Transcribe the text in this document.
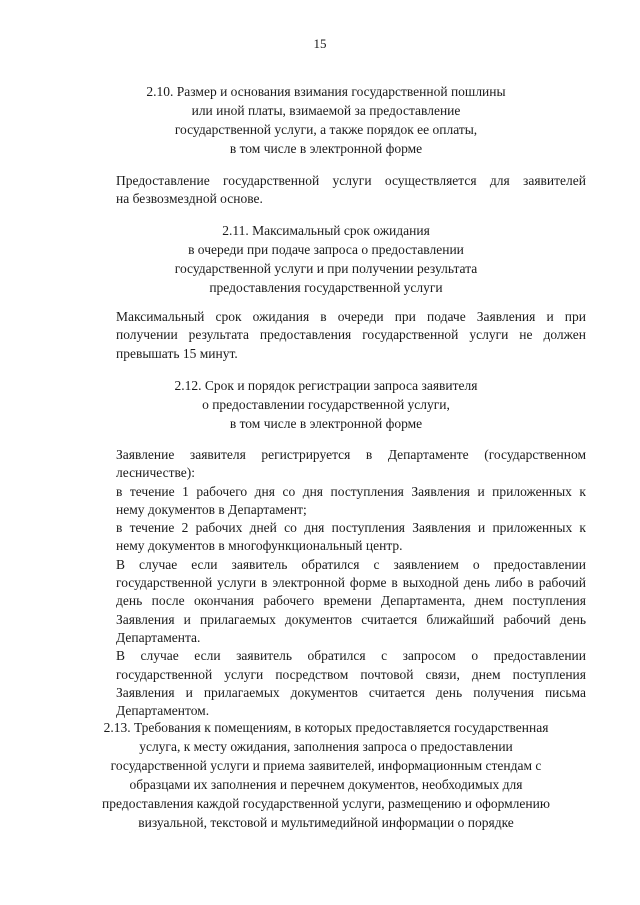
15
2.10. Размер и основания взимания государственной пошлины
или иной платы, взимаемой за предоставление
государственной услуги, а также порядок ее оплаты,
в том числе в электронной форме

Предоставление государственной услуги осуществляется для заявителей
на безвозмездной основе.

2.11. Максимальный срок ожидания
в очереди при подаче запроса о предоставлении
государственной услуги и при получении результата
предоставления государственной услуги

Максимальный срок ожидания в очереди при подаче Заявления и при
получении результата предоставления государственной услуги не должен
превышать 15 минут.

2.12. Срок и порядок регистрации запроса заявителя
о предоставлении государственной услуги,
в том числе в электронной форме

Заявление заявителя регистрируется в Департаменте (государственном
лесничестве):

в течение 1 рабочего дня со дня поступления Заявления и приложенных к
нему документов в Департамент;

в течение 2 рабочих дней со дня поступления Заявления и приложенных к
нему документов в многофункциональный центр.

В случае если заявитель обратился с заявлением о предоставлении
государственной услуги в электронной форме в выходной день либо в рабочий
день после окончания рабочего времени Департамента, днем поступления
Заявления и прилагаемых документов считается ближайший рабочий день
Департамента.

В случае если заявитель обратился с запросом о предоставлении
государственной услуги посредством почтовой связи, днем поступления
Заявления и прилагаемых документов считается день получения письма
Департаментом.

2.13. Требования к помещениям, в которых предоставляется государственная
услуга, к месту ожидания, заполнения запроса о предоставлении
государственной услуги и приема заявителей, информационным стендам с
образцами их заполнения и перечнем документов, необходимых для
предоставления каждой государственной услуги, размещению и оформлению
визуальной, текстовой и мультимедийной информации о порядке
